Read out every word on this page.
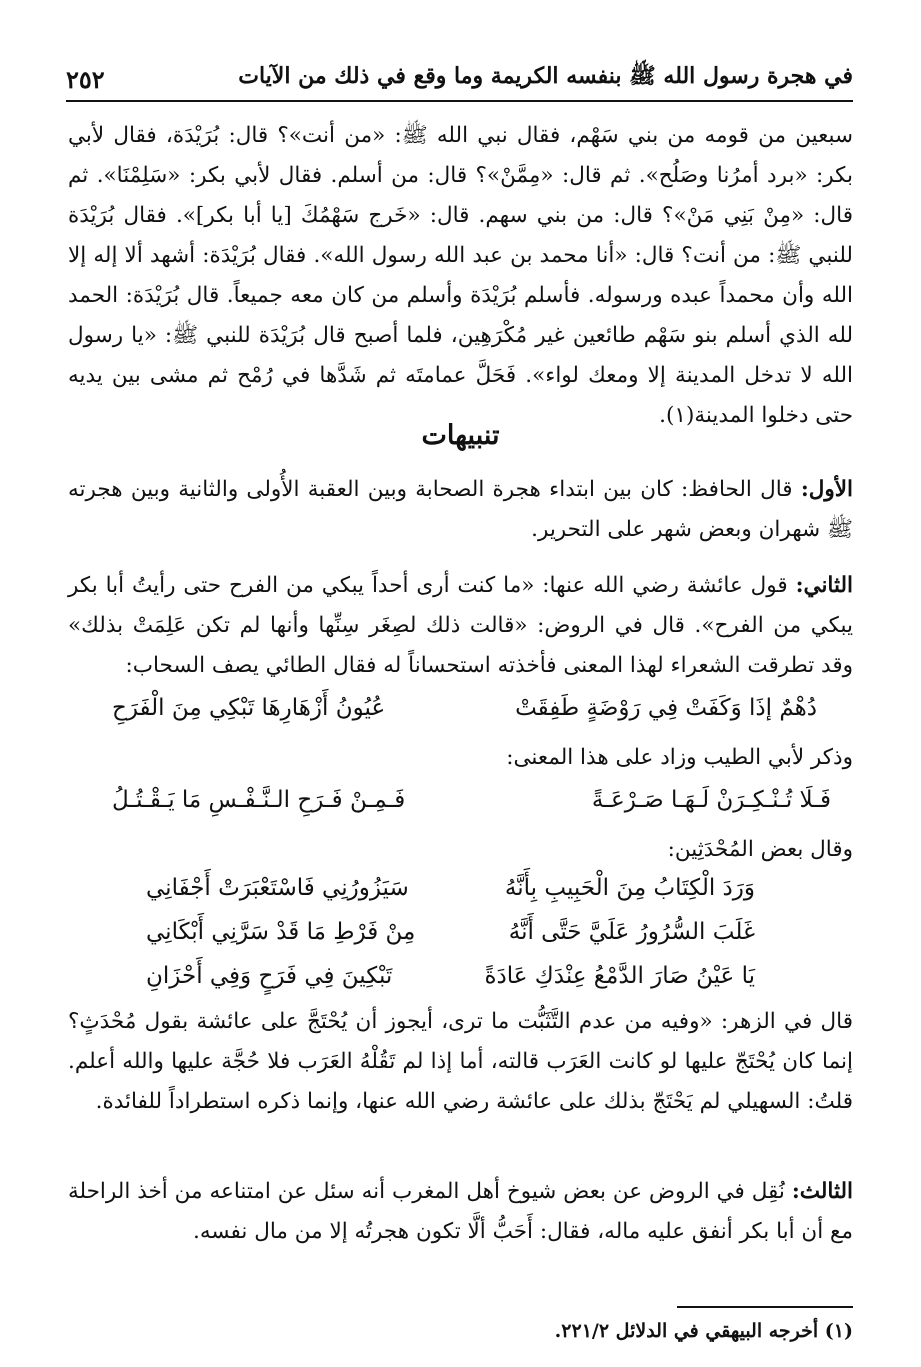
في هجرة رسول الله ﷺ بنفسه الكريمة وما وقع في ذلك من الآيات
٢٥٢

سبعين من قومه من بني سَهْم، فقال نبي الله ﷺ: «من أنت»؟ قال: بُرَيْدَة، فقال لأبي بكر: «برد أمرُنا وصَلُح». ثم قال: «مِمَّنْ»؟ قال: من أسلم. فقال لأبي بكر: «سَلِمْنَا». ثم قال: «مِنْ بَنِي مَنْ»؟ قال: من بني سهم. قال: «خَرج سَهْمُكَ [يا أبا بكر]». فقال بُرَيْدَة للنبي ﷺ: من أنت؟ قال: «أنا محمد بن عبد الله رسول الله». فقال بُرَيْدَة: أشهد ألا إله إلا الله وأن محمداً عبده ورسوله. فأسلم بُرَيْدَة وأسلم من كان معه جميعاً. قال بُرَيْدَة: الحمد لله الذي أسلم بنو سَهْم طائعين غير مُكْرَهِين، فلما أصبح قال بُرَيْدَة للنبي ﷺ: «يا رسول الله لا تدخل المدينة إلا ومعك لواء». فَحَلَّ عمامتَه ثم شَدَّها في رُمْح ثم مشى بين يديه حتى دخلوا المدينة(١).

تنبيهات

الأول: قال الحافظ: كان بين ابتداء هجرة الصحابة وبين العقبة الأُولى والثانية وبين هجرته ﷺ شهران وبعض شهر على التحرير.

الثاني: قول عائشة رضي الله عنها: «ما كنت أرى أحداً يبكي من الفرح حتى رأيتُ أبا بكر يبكي من الفرح». قال في الروض: «قالت ذلك لصِغَر سِنِّها وأنها لم تكن عَلِمَتْ بذلك» وقد تطرقت الشعراء لهذا المعنى فأخذته استحساناً له فقال الطائي يصف السحاب:

دُهْمٌ إذَا وَكَفَتْ فِي رَوْضَةٍ طَفِقَتْ
عُيُونُ أَزْهَارِهَا تَبْكِي مِنَ الْفَرَحِ

وذكر لأبي الطيب وزاد على هذا المعنى:

فَـلَا تُـنْـكِـرَنْ لَـهَـا صَـرْعَـةً
فَـمِـنْ فَـرَحِ الـنَّـفْـسِ مَا يَـقْـتُـلُ

وقال بعض المُحْدَثِين:

وَرَدَ الْكِتَابُ مِنَ الْحَبِيبِ بِأَنَّهُ
سَيَزُورُنِي فَاسْتَعْبَرَتْ أَجْفَانِي
غَلَبَ السُّرُورُ عَلَيَّ حَتَّى أَنَّهُ
مِنْ فَرْطِ مَا قَدْ سَرَّنِي أَبْكَانِي
يَا عَيْنُ صَارَ الدَّمْعُ عِنْدَكِ عَادَةً
تَبْكِينَ فِي فَرَحٍ وَفِي أَحْزَانِ

قال في الزهر: «وفيه من عدم التَّثَبُّت ما ترى، أيجوز أن يُحْتَجَّ على عائشة بقول مُحْدَثٍ؟ إنما كان يُحْتَجّ عليها لو كانت العَرَب قالته، أما إذا لم تَقُلْهُ العَرَب فلا حُجَّة عليها والله أعلم. قلتُ: السهيلي لم يَحْتَجّ بذلك على عائشة رضي الله عنها، وإنما ذكره استطراداً للفائدة.

الثالث: نُقِل في الروض عن بعض شيوخ أهل المغرب أنه سئل عن امتناعه من أخذ الراحلة مع أن أبا بكر أنفق عليه ماله، فقال: أَحَبُّ ألَّا تكون هجرتُه إلا من مال نفسه.

(١) أخرجه البيهقي في الدلائل ٢٢١/٢.
